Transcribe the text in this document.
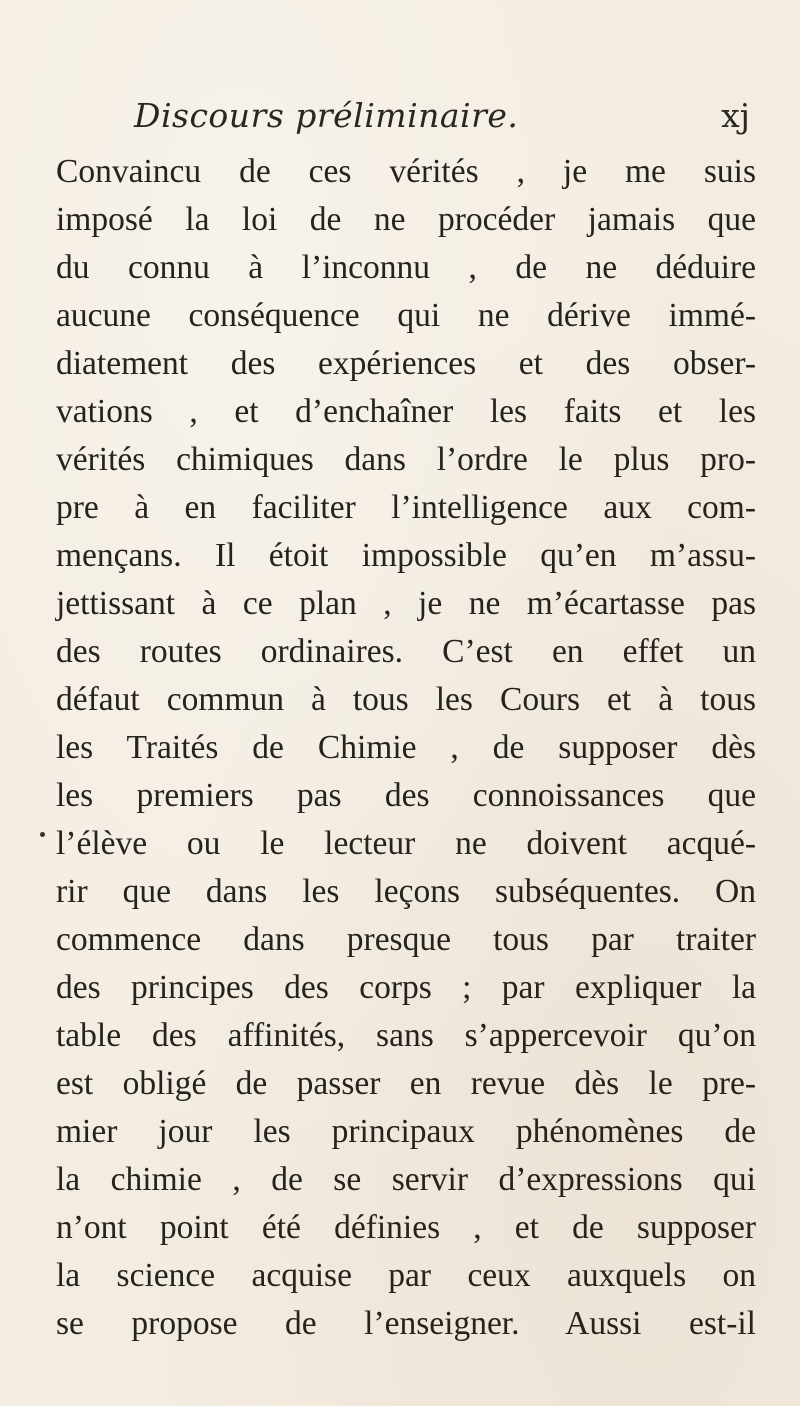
Discours préliminaire.	xj
Convaincu de ces vérités , je me suis
imposé la loi de ne procéder jamais que
du connu à l’inconnu , de ne déduire
aucune conséquence qui ne dérive immé-
diatement des expériences et des obser-
vations , et d’enchaîner les faits et les
vérités chimiques dans l’ordre le plus pro-
pre à en faciliter l’intelligence aux com-
mençans. Il étoit impossible qu’en m’assu-
jettissant à ce plan , je ne m’écartasse pas
des routes ordinaires. C’est en effet un
défaut commun à tous les Cours et à tous
les Traités de Chimie , de supposer dès
les premiers pas des connoissances que
l’élève ou le lecteur ne doivent acqué-
rir que dans les leçons subséquentes. On
commence dans presque tous par traiter
des principes des corps ; par expliquer la
table des affinités, sans s’appercevoir qu’on
est obligé de passer en revue dès le pre-
mier jour les principaux phénomènes de
la chimie , de se servir d’expressions qui
n’ont point été définies , et de supposer
la science acquise par ceux auxquels on
se propose de l’enseigner. Aussi est-il
